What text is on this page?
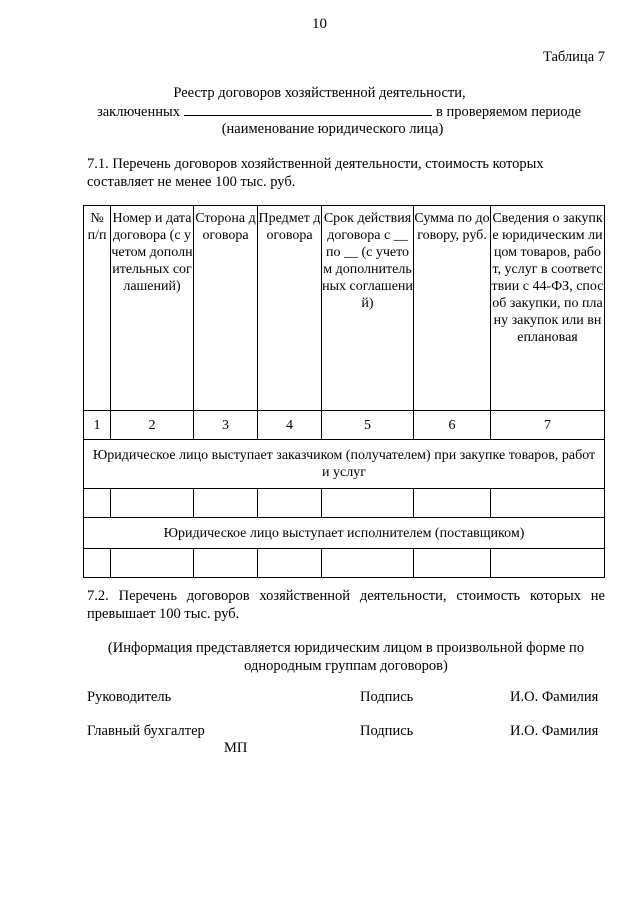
10
Таблица 7
Реестр договоров хозяйственной деятельности,
заключенных	в проверяемом периоде
(наименование юридического лица)
7.1. Перечень договоров хозяйственной деятельности, стоимость которых составляет не менее 100 тыс. руб.
№ п/п	Номер и дата договора (с учетом дополнительных соглашений)	Сторона договора	Предмет договора	Срок действия договора с __ по __ (с учетом дополнительных соглашений)	Сумма по договору, руб.	Сведения о закупке юридическим лицом товаров, работ, услуг в соответствии с 44-ФЗ, способ закупки, по плану закупок или внеплановая
1	2	3	4	5	6	7
Юридическое лицо выступает заказчиком (получателем) при закупке товаров, работ и услуг						

Юридическое лицо выступает исполнителем (поставщиком)						

7.2. Перечень договоров хозяйственной деятельности, стоимость которых не превышает 100 тыс. руб.
(Информация представляется юридическим лицом в произвольной форме по однородным группам договоров)
Руководитель	Подпись	И.О. Фамилия
Главный бухгалтер	Подпись	И.О. Фамилия
МП
